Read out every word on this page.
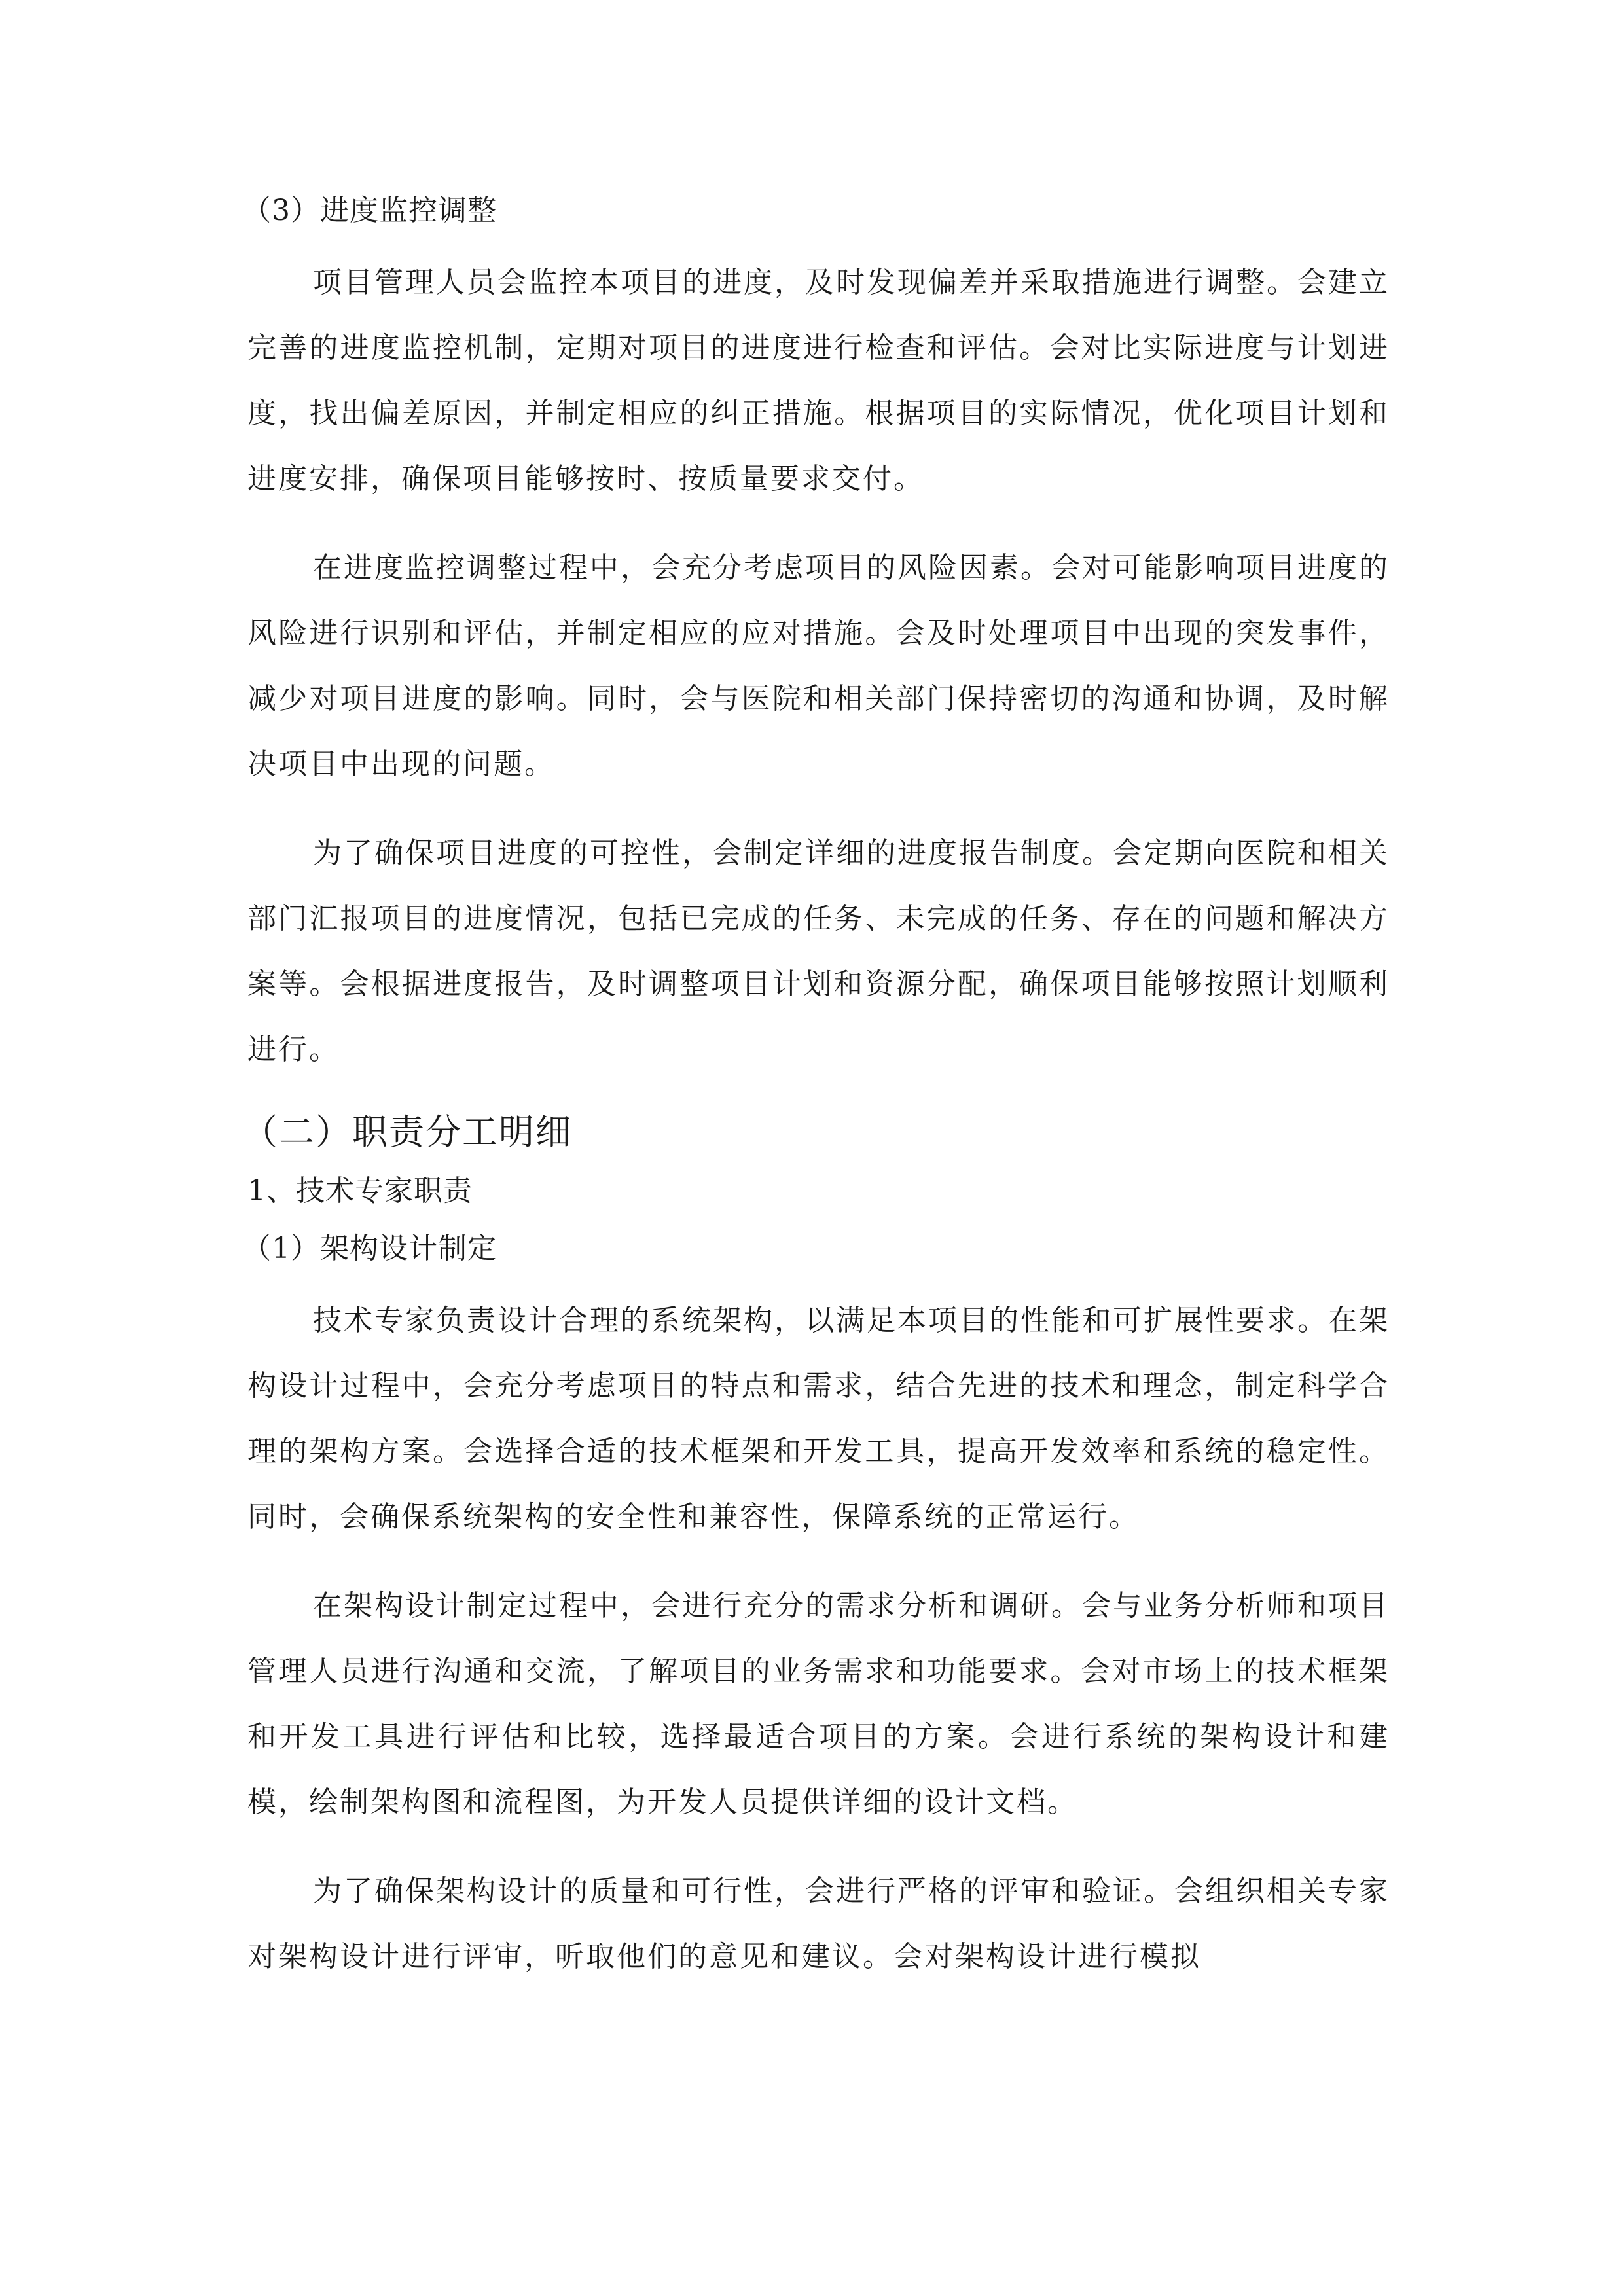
（3）进度监控调整

项目管理人员会监控本项目的进度，及时发现偏差并采取措施进行调整。会建立完善的进度监控机制，定期对项目的进度进行检查和评估。会对比实际进度与计划进度，找出偏差原因，并制定相应的纠正措施。根据项目的实际情况，优化项目计划和进度安排，确保项目能够按时、按质量要求交付。

在进度监控调整过程中，会充分考虑项目的风险因素。会对可能影响项目进度的风险进行识别和评估，并制定相应的应对措施。会及时处理项目中出现的突发事件，减少对项目进度的影响。同时，会与医院和相关部门保持密切的沟通和协调，及时解决项目中出现的问题。

为了确保项目进度的可控性，会制定详细的进度报告制度。会定期向医院和相关部门汇报项目的进度情况，包括已完成的任务、未完成的任务、存在的问题和解决方案等。会根据进度报告，及时调整项目计划和资源分配，确保项目能够按照计划顺利进行。

（二）职责分工明细
1、技术专家职责
（1）架构设计制定

技术专家负责设计合理的系统架构，以满足本项目的性能和可扩展性要求。在架构设计过程中，会充分考虑项目的特点和需求，结合先进的技术和理念，制定科学合理的架构方案。会选择合适的技术框架和开发工具，提高开发效率和系统的稳定性。同时，会确保系统架构的安全性和兼容性，保障系统的正常运行。

在架构设计制定过程中，会进行充分的需求分析和调研。会与业务分析师和项目管理人员进行沟通和交流，了解项目的业务需求和功能要求。会对市场上的技术框架和开发工具进行评估和比较，选择最适合项目的方案。会进行系统的架构设计和建模，绘制架构图和流程图，为开发人员提供详细的设计文档。

为了确保架构设计的质量和可行性，会进行严格的评审和验证。会组织相关专家对架构设计进行评审，听取他们的意见和建议。会对架构设计进行模拟
